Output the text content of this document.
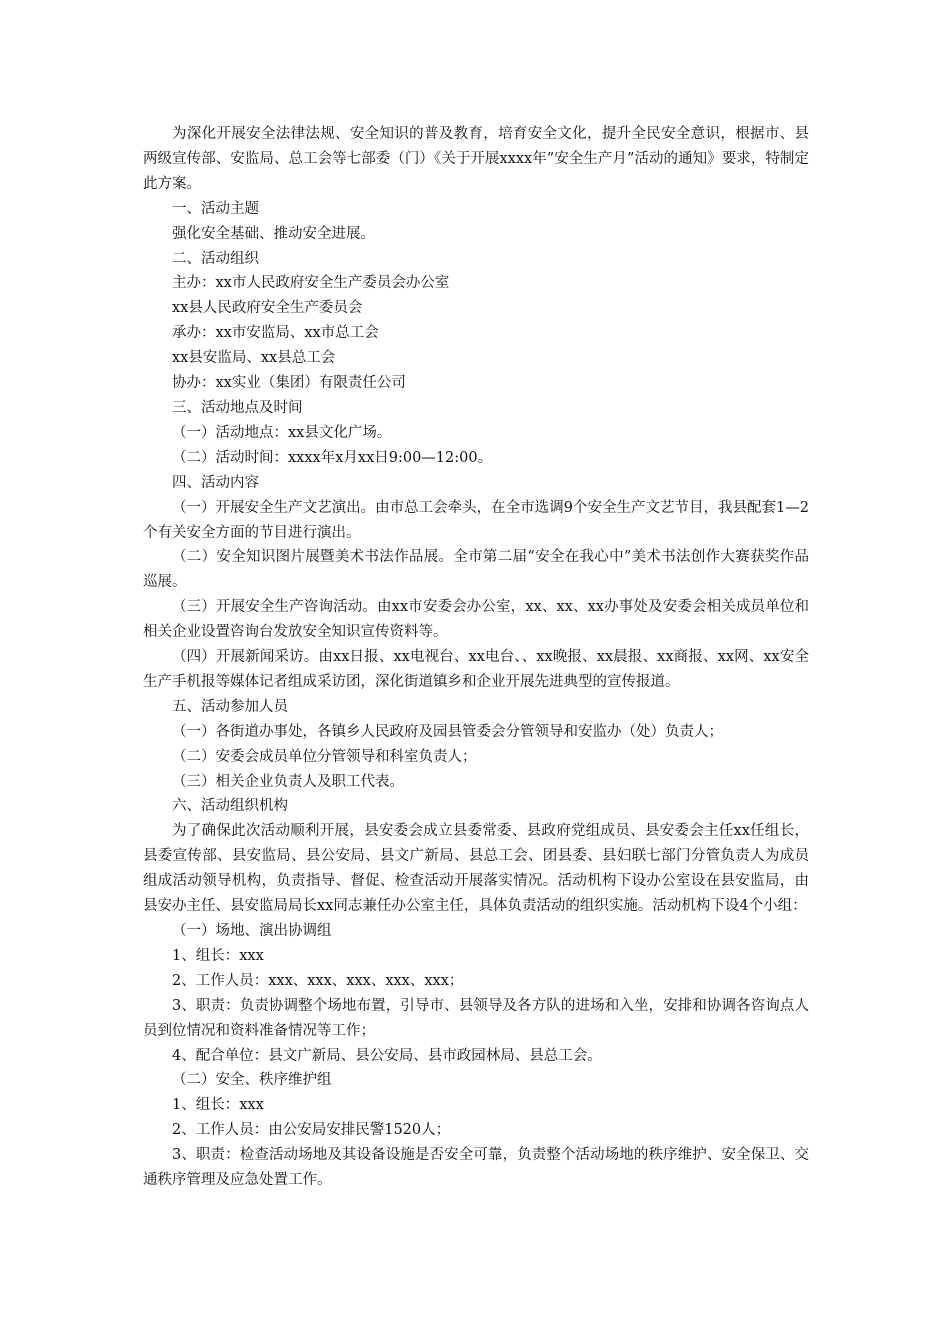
为深化开展安全法律法规、安全知识的普及教育，培育安全文化，提升全民安全意识，根据市、县两级宣传部、安监局、总工会等七部委（门）《关于开展xxxx年”安全生产月”活动的通知》要求，特制定此方案。

一、活动主题

强化安全基础、推动安全进展。

二、活动组织

主办：xx市人民政府安全生产委员会办公室

xx县人民政府安全生产委员会

承办：xx市安监局、xx市总工会

xx县安监局、xx县总工会

协办：xx实业（集团）有限责任公司

三、活动地点及时间

（一）活动地点：xx县文化广场。

（二）活动时间：xxxx年x月xx日9:00—12:00。

四、活动内容

（一）开展安全生产文艺演出。由市总工会牵头，在全市选调9个安全生产文艺节目，我县配套1—2个有关安全方面的节目进行演出。

（二）安全知识图片展暨美术书法作品展。全市第二届“安全在我心中”美术书法创作大赛获奖作品巡展。

（三）开展安全生产咨询活动。由xx市安委会办公室，xx、xx、xx办事处及安委会相关成员单位和相关企业设置咨询台发放安全知识宣传资料等。

（四）开展新闻采访。由xx日报、xx电视台、xx电台、、xx晚报、xx晨报、xx商报、xx网、xx安全生产手机报等媒体记者组成采访团，深化街道镇乡和企业开展先进典型的宣传报道。

五、活动参加人员

（一）各街道办事处，各镇乡人民政府及园县管委会分管领导和安监办（处）负责人；

（二）安委会成员单位分管领导和科室负责人；

（三）相关企业负责人及职工代表。

六、活动组织机构

为了确保此次活动顺利开展，县安委会成立县委常委、县政府党组成员、县安委会主任xx任组长，县委宣传部、县安监局、县公安局、县文广新局、县总工会、团县委、县妇联七部门分管负责人为成员组成活动领导机构，负责指导、督促、检查活动开展落实情况。活动机构下设办公室设在县安监局，由县安办主任、县安监局局长xx同志兼任办公室主任，具体负责活动的组织实施。活动机构下设4个小组：

（一）场地、演出协调组

1、组长：xxx

2、工作人员：xxx、xxx、xxx、xxx、xxx；

3、职责：负责协调整个场地布置，引导市、县领导及各方队的进场和入坐，安排和协调各咨询点人员到位情况和资料准备情况等工作；

4、配合单位：县文广新局、县公安局、县市政园林局、县总工会。

（二）安全、秩序维护组

1、组长：xxx

2、工作人员：由公安局安排民警1520人；

3、职责：检查活动场地及其设备设施是否安全可靠，负责整个活动场地的秩序维护、安全保卫、交通秩序管理及应急处置工作。
